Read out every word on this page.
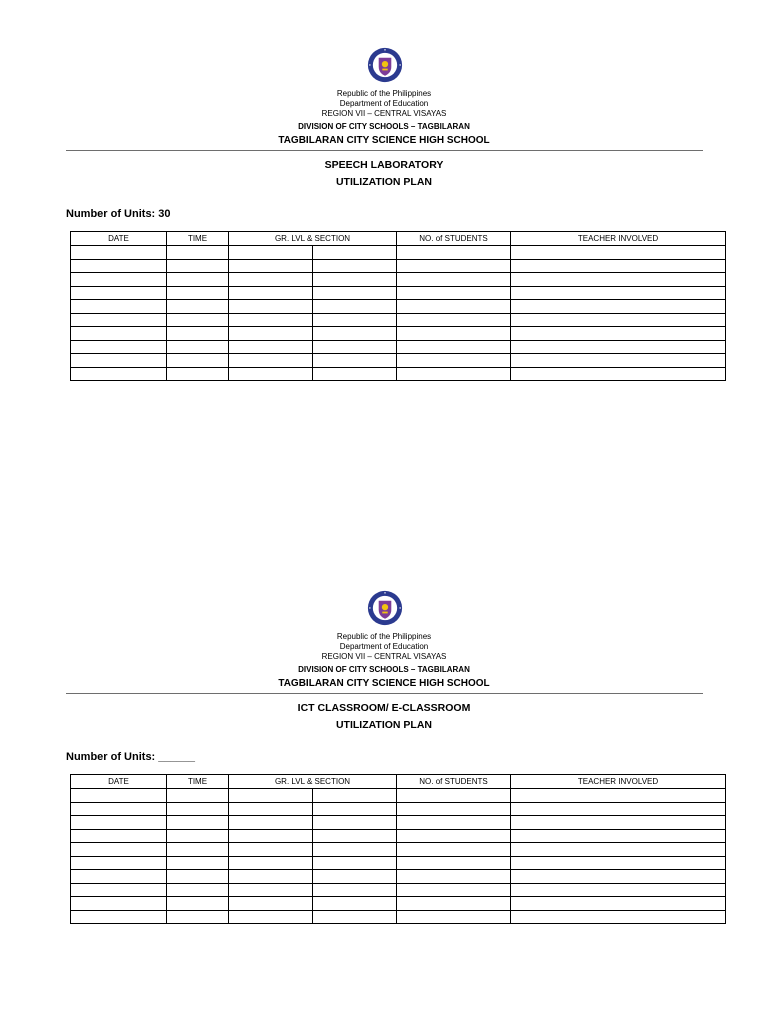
Republic of the Philippines
Department of Education
REGION VII – CENTRAL VISAYAS
DIVISION OF CITY SCHOOLS – TAGBILARAN
TAGBILARAN CITY SCIENCE HIGH SCHOOL
SPEECH LABORATORY
UTILIZATION PLAN
Number of Units: 30
DATE	TIME	GR. LVL & SECTION		NO. of STUDENTS	TEACHER INVOLVED

Republic of the Philippines
Department of Education
REGION VII – CENTRAL VISAYAS
DIVISION OF CITY SCHOOLS – TAGBILARAN
TAGBILARAN CITY SCIENCE HIGH SCHOOL
ICT CLASSROOM/ E-CLASSROOM
UTILIZATION PLAN
Number of Units: ______
DATE	TIME	GR. LVL & SECTION		NO. of STUDENTS	TEACHER INVOLVED
